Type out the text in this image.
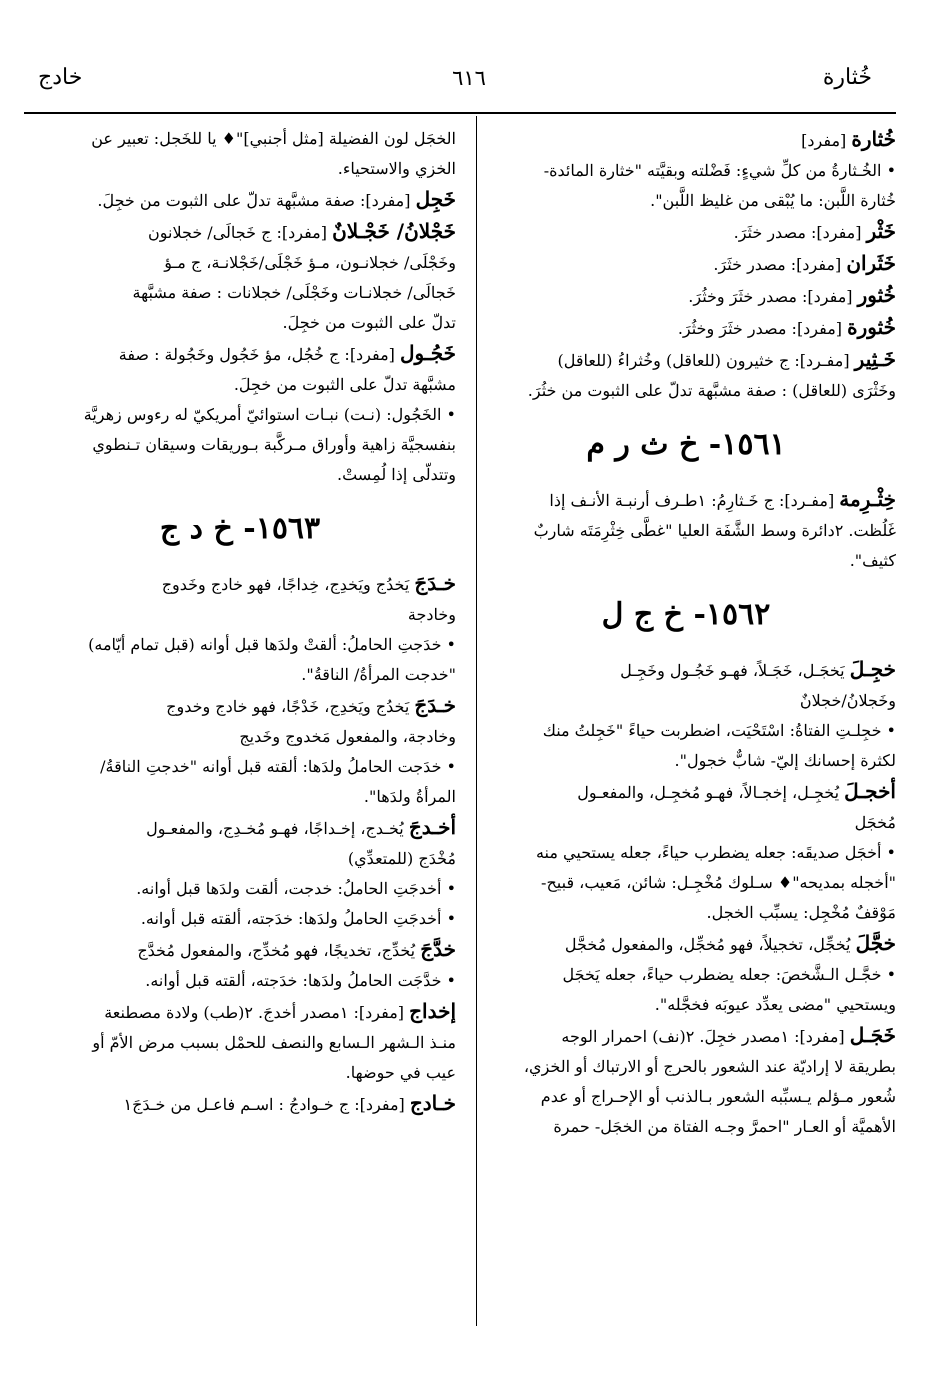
خُثارة
٦١٦
خادج
خُثارة [مفرد]
• الخُـثارةُ من كلِّ شيءٍ: فَضْلته وبقيَّته "خثارة المائدة-
خُثارة اللَّبن: ما يُبْقى من غليظ اللَّبن".
خَثْر [مفرد]: مصدر خثَرَ.
خَثَران [مفرد]: مصدر خثَرَ.
خُثور [مفرد]: مصدر خثَرَ وخثُرَ.
خُثورة [مفرد]: مصدر خثَرَ وخثُرَ.
خَـثِير [مفـرد]: ج خثيرون (للعاقل) وخُثراءُ (للعاقل)
وخَثْرَى (للعاقل) : صفة مشبَّهة تدلّ على الثبوت من خثُرَ.
١٥٦١- خ ث ر م
خِثْـرِمة [مفـرد]: ج خَـثارِمُ: ١طـرف أرنبـة الأنـف إذا
غَلُظت. ٢دائرة وسط الشَّفَة العليا "غطَّى خِثْرِمَتَه شاربٌ
كثيف".
١٥٦٢- خ ج ل
خجِـلَ يَخجَـل، خَجَـلاً، فهـو خَجُـول وخَجِـل
وخَجلانُ/خجلانٌ
• خجِلـتِ الفتاةُ: اسْتَحْيَت، اضطربت حياءً "خَجِلتُ منك
لكثرة إحسانك إليّ- شابٌّ خجول".
أخجـلَ يُخجِـل، إخجـالاً، فهـو مُخجِـل، والمفعـول
مُخجَل
• أخجَل صديقَه: جعله يضطرب حياءً، جعله يستحيي منه
"أخجله بمديحه"♦ سـلوك مُخْجِـل: شائن، مَعيب، قبيح-
مَوْقفٌ مُخْجِل: يسبِّب الخجل.
خجَّلَ يُخجِّل، تخجيلاً، فهو مُخجِّل، والمفعول مُخجَّل
• خجَّـل الـشَّخصَ: جعله يضطرب حياءً، جعله يَخجَل
ويستحيي "مضى يعدِّد عيوبَه فخجَّله".
خَجَـل [مفرد]: ١مصدر خجِلَ. ٢(نف) احمرار الوجه
بطريقة لا إراديّة عند الشعور بالحرج أو الارتباك أو الخزي،
شُعور مـؤلم يـسبِّبه الشعور بـالذنب أو الإحـراج أو عدم
الأهميَّة أو العـار "احمرَّ وجـه الفتاة من الخجَل- حمرة
الخجَل لون الفضيلة [مثل أجنبي]"♦ يا للخَجل: تعبير عن
الخزي والاستحياء.
خَجِل [مفرد]: صفة مشبَّهة تدلّ على الثبوت من خجِلَ.
خَجْلانُ/ خَجْـلانٌ [مفرد]: ج خَجالَى/ خجلانون
وخَجْلَى/ خجلانـون، مـؤ خَجْلَى/خَجْلانـة، ج مـؤ
خَجالَى/ خجلانـات وخَجْلَى/ خجلانات : صفة مشبَّهة
تدلّ على الثبوت من خجِلَ.
خَجُـول [مفرد]: ج خُجُل، مؤ خَجُول وخَجُولة : صفة
مشبَّهة تدلّ على الثبوت من خجِلَ.
• الخَجُول: (نـت) نبـات استوائيّ أمريكيّ له رءوس زهريَّة
بنفسجيَّة زاهية وأوراق مـركَّبة بـوريقات وسيقان تـنطوي
وتتدلّى إذا لُمِستْ.
١٥٦٣- خ د ج
خـدَجَ يَخدُج ويَخدِج، خِداجًا، فهو خادج وخَدوج
وخادجة
• خدَجتِ الحاملُ: ألقتْ ولدَها قبل أوانه (قبل تمام أيّامه)
"خدجت المرأةُ/ الناقةُ".
خـدَجَ يَخدُج ويَخدِج، خَدْجًا، فهو خادج وخدوج
وخادجة، والمفعول مَخدوج وخَديج
• خدَجت الحاملُ ولدَها: ألقته قبل أوانه "خدجتِ الناقةُ/
المرأةُ ولدَها".
أخـدجَ يُخـدج، إخـداجًا، فهـو مُخـدِج، والمفعـول
مُخْدَج (للمتعدِّي)
• أخدجَتِ الحاملُ: خدجت، ألقت ولدَها قبل أوانه.
• أخدجَتِ الحاملُ ولدَها: خدَجته، ألقته قبل أوانه.
خدَّجَ يُخدِّج، تخديجًا، فهو مُخدِّج، والمفعول مُخدَّج
• خدَّجَت الحاملُ ولدَها: خدَجته، ألقته قبل أوانه.
إخداج [مفرد]: ١مصدر أخدجَ. ٢(طب) ولادة مصطنعة
منـذ الـشهر الـسابع والنصف للحمْل بسبب مرض الأمّ أو
عيب في حوضها.
خـادج [مفرد]: ج خـوادجُ : اسـم فاعـل من خـدَجَ١
